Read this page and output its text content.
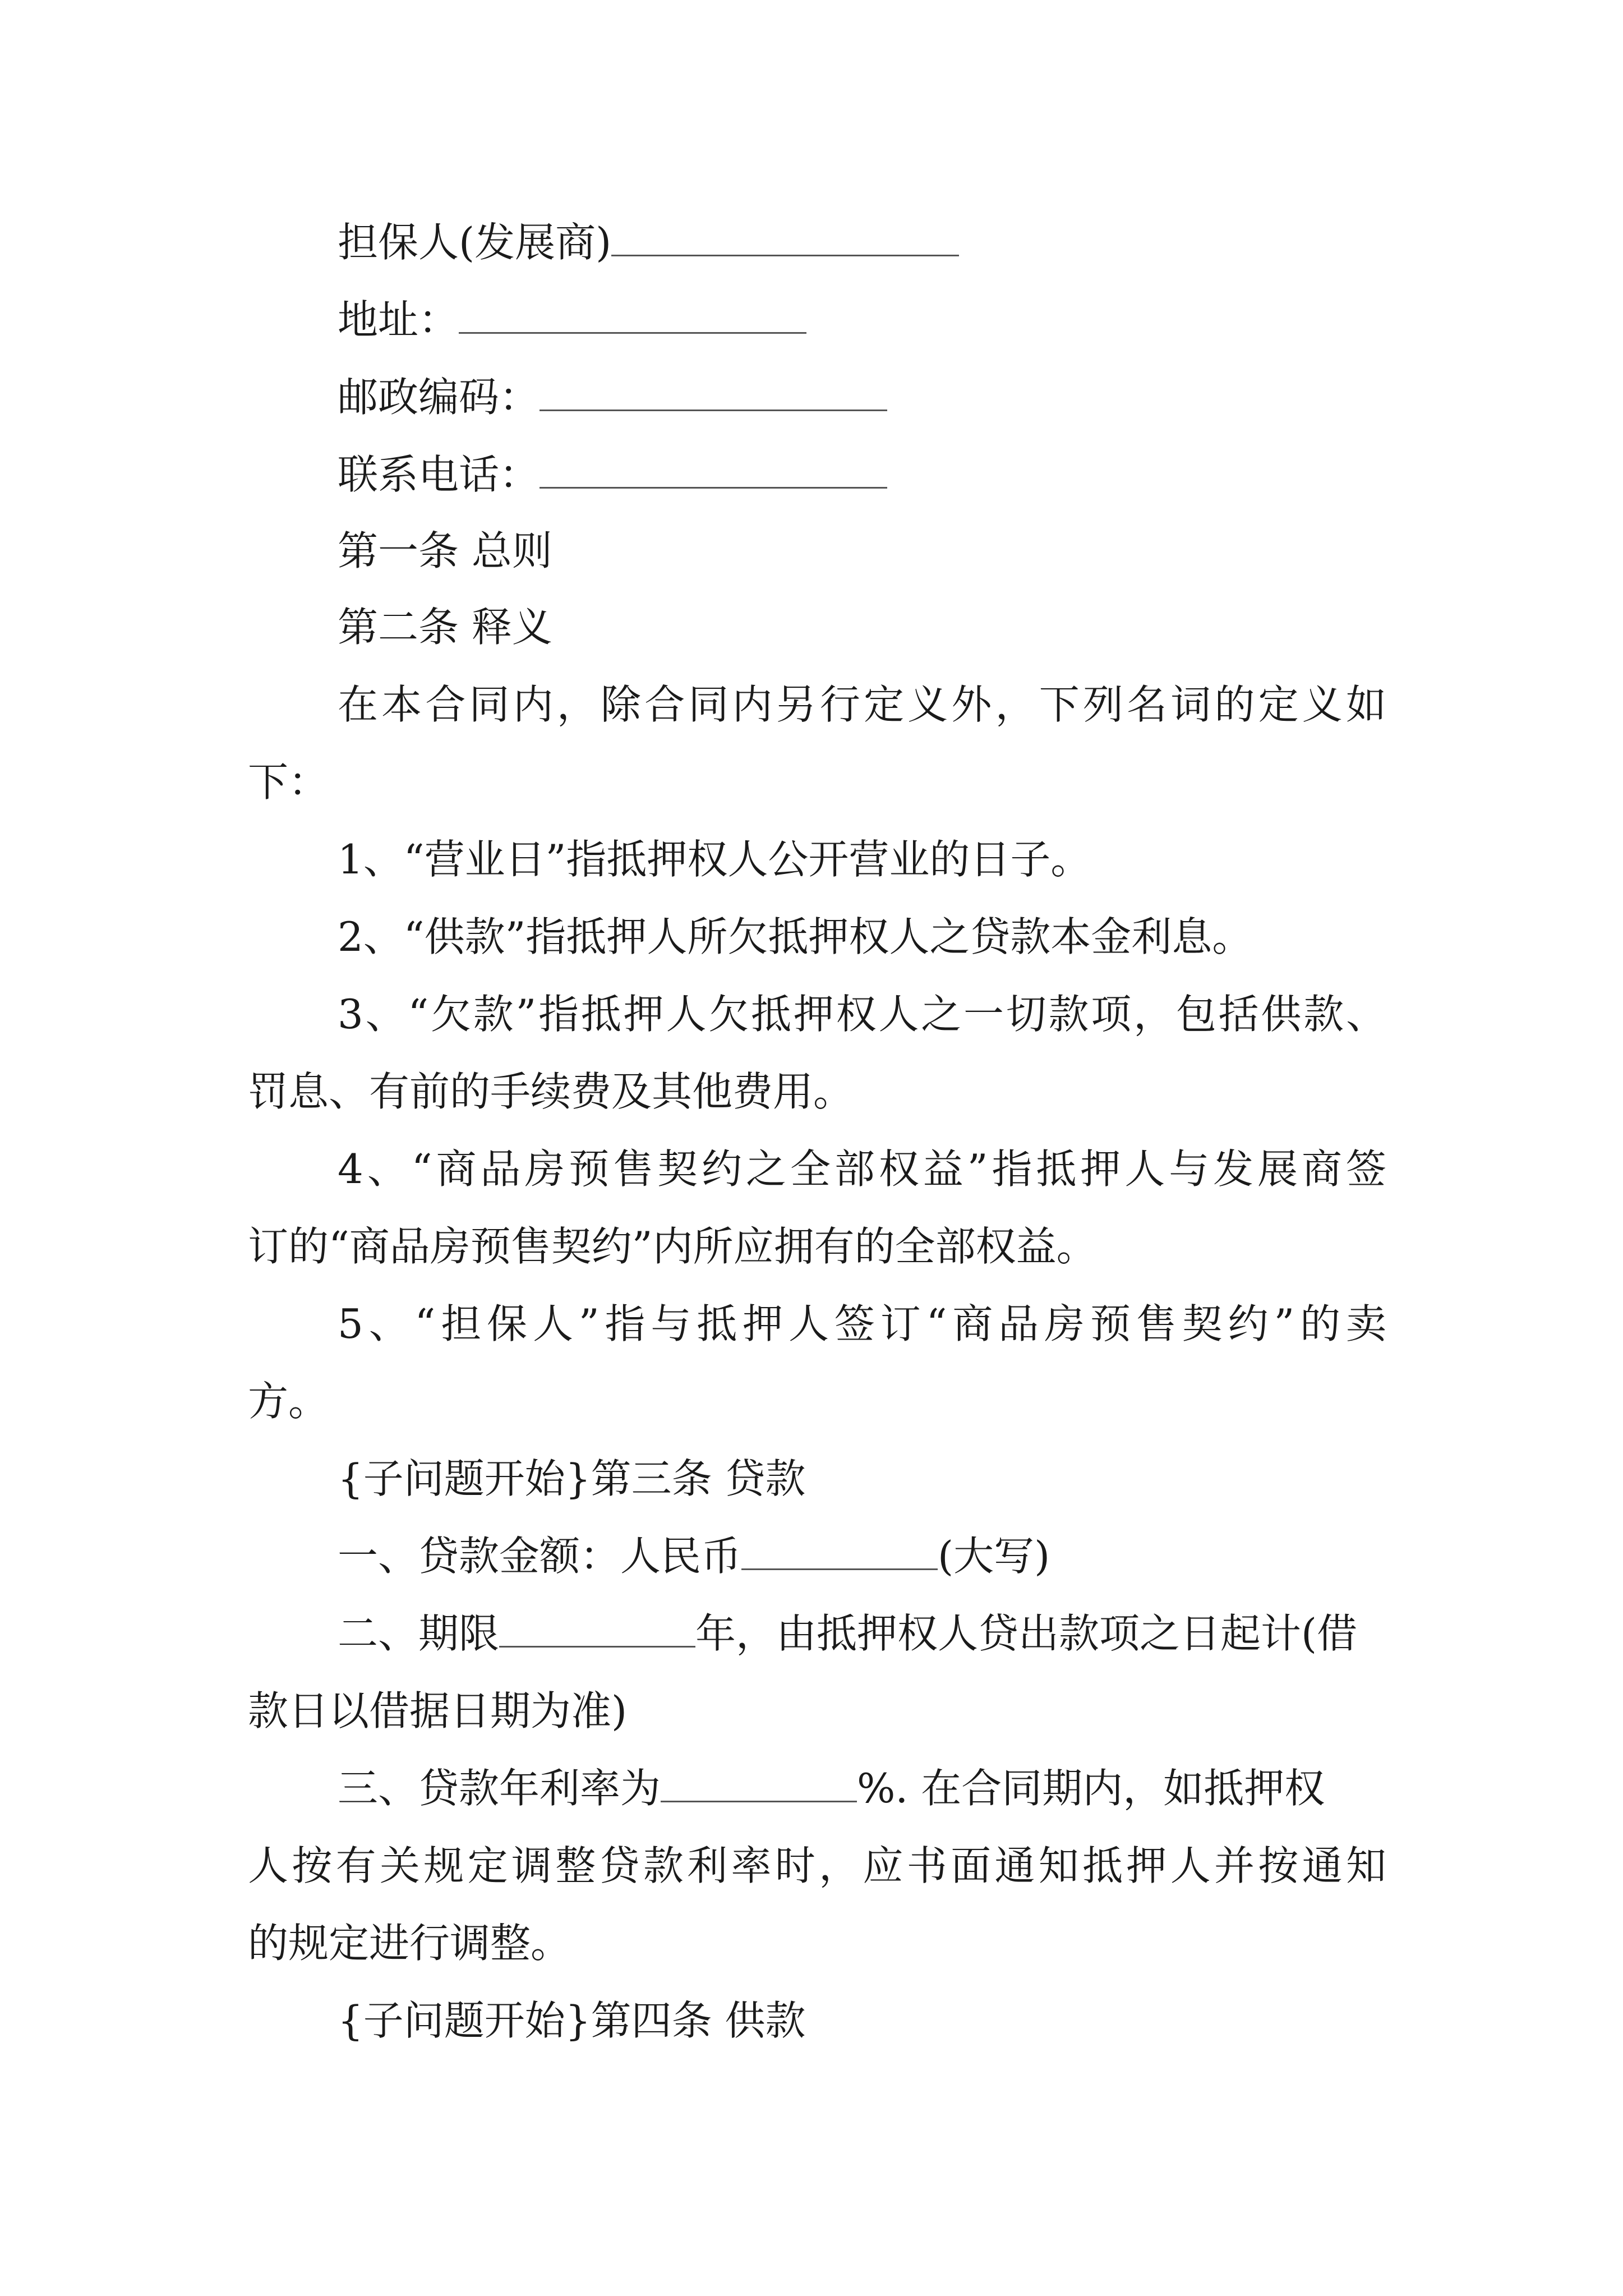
担保人(发展商)
地址：
邮政编码：
联系电话：
第一条 总则
第二条 释义
在本合同内，除合同内另行定义外，下列名词的定义如
下：
1、“营业日”指抵押权人公开营业的日子。
2、“供款”指抵押人所欠抵押权人之贷款本金利息。
3、“欠款”指抵押人欠抵押权人之一切款项，包括供款、
罚息、有前的手续费及其他费用。
4、“商品房预售契约之全部权益”指抵押人与发展商签
订的“商品房预售契约”内所应拥有的全部权益。
5、“担保人”指与抵押人签订“商品房预售契约”的卖
方。
{子问题开始}第三条 贷款
一、贷款金额：人民币	(大写)
二、期限	年，由抵押权人贷出款项之日起计(借
款日以借据日期为准)
三、贷款年利率为	%. 在合同期内，如抵押权
人按有关规定调整贷款利率时，应书面通知抵押人并按通知
的规定进行调整。
{子问题开始}第四条 供款
